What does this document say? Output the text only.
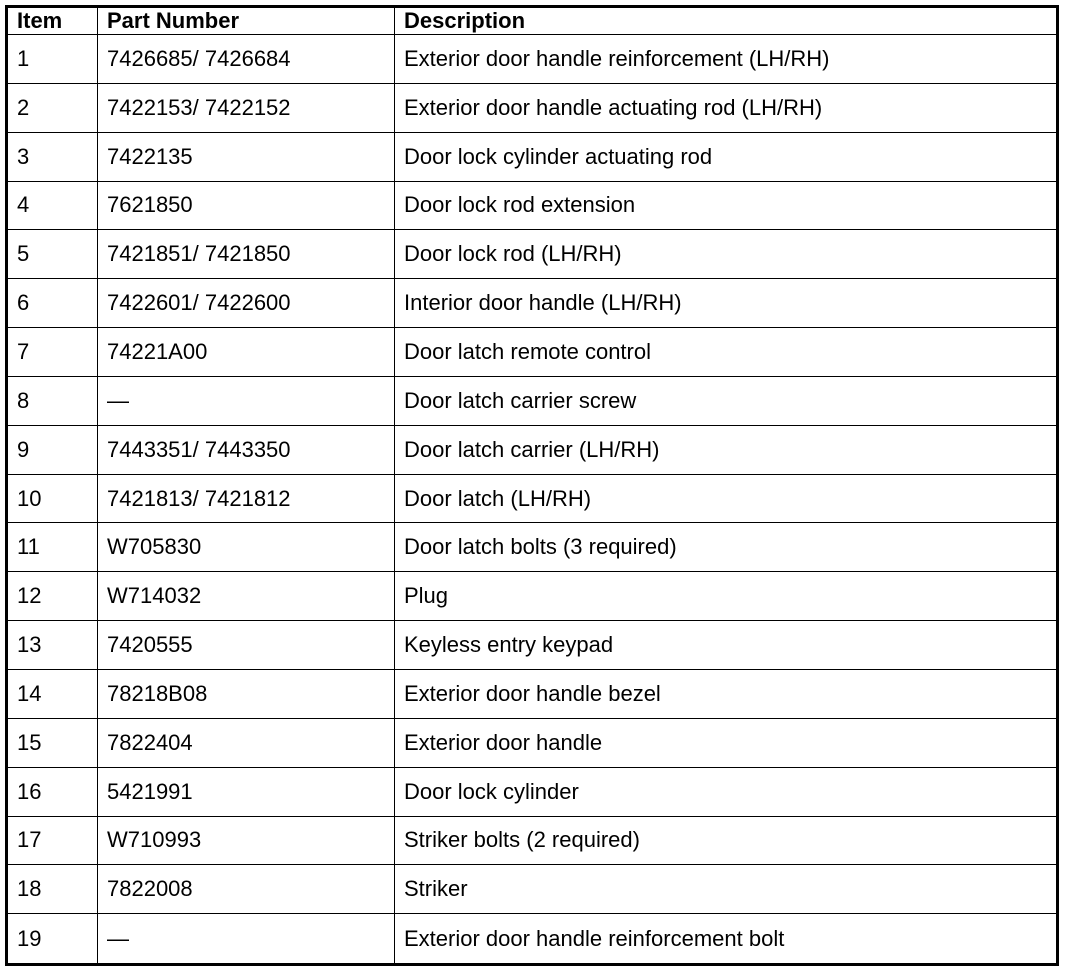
Item	Part Number	Description
1	7426685/ 7426684	Exterior door handle reinforcement (LH/RH)
2	7422153/ 7422152	Exterior door handle actuating rod (LH/RH)
3	7422135	Door lock cylinder actuating rod
4	7621850	Door lock rod extension
5	7421851/ 7421850	Door lock rod (LH/RH)
6	7422601/ 7422600	Interior door handle (LH/RH)
7	74221A00	Door latch remote control
8	—	Door latch carrier screw
9	7443351/ 7443350	Door latch carrier (LH/RH)
10	7421813/ 7421812	Door latch (LH/RH)
11	W705830	Door latch bolts (3 required)
12	W714032	Plug
13	7420555	Keyless entry keypad
14	78218B08	Exterior door handle bezel
15	7822404	Exterior door handle
16	5421991	Door lock cylinder
17	W710993	Striker bolts (2 required)
18	7822008	Striker
19	—	Exterior door handle reinforcement bolt
